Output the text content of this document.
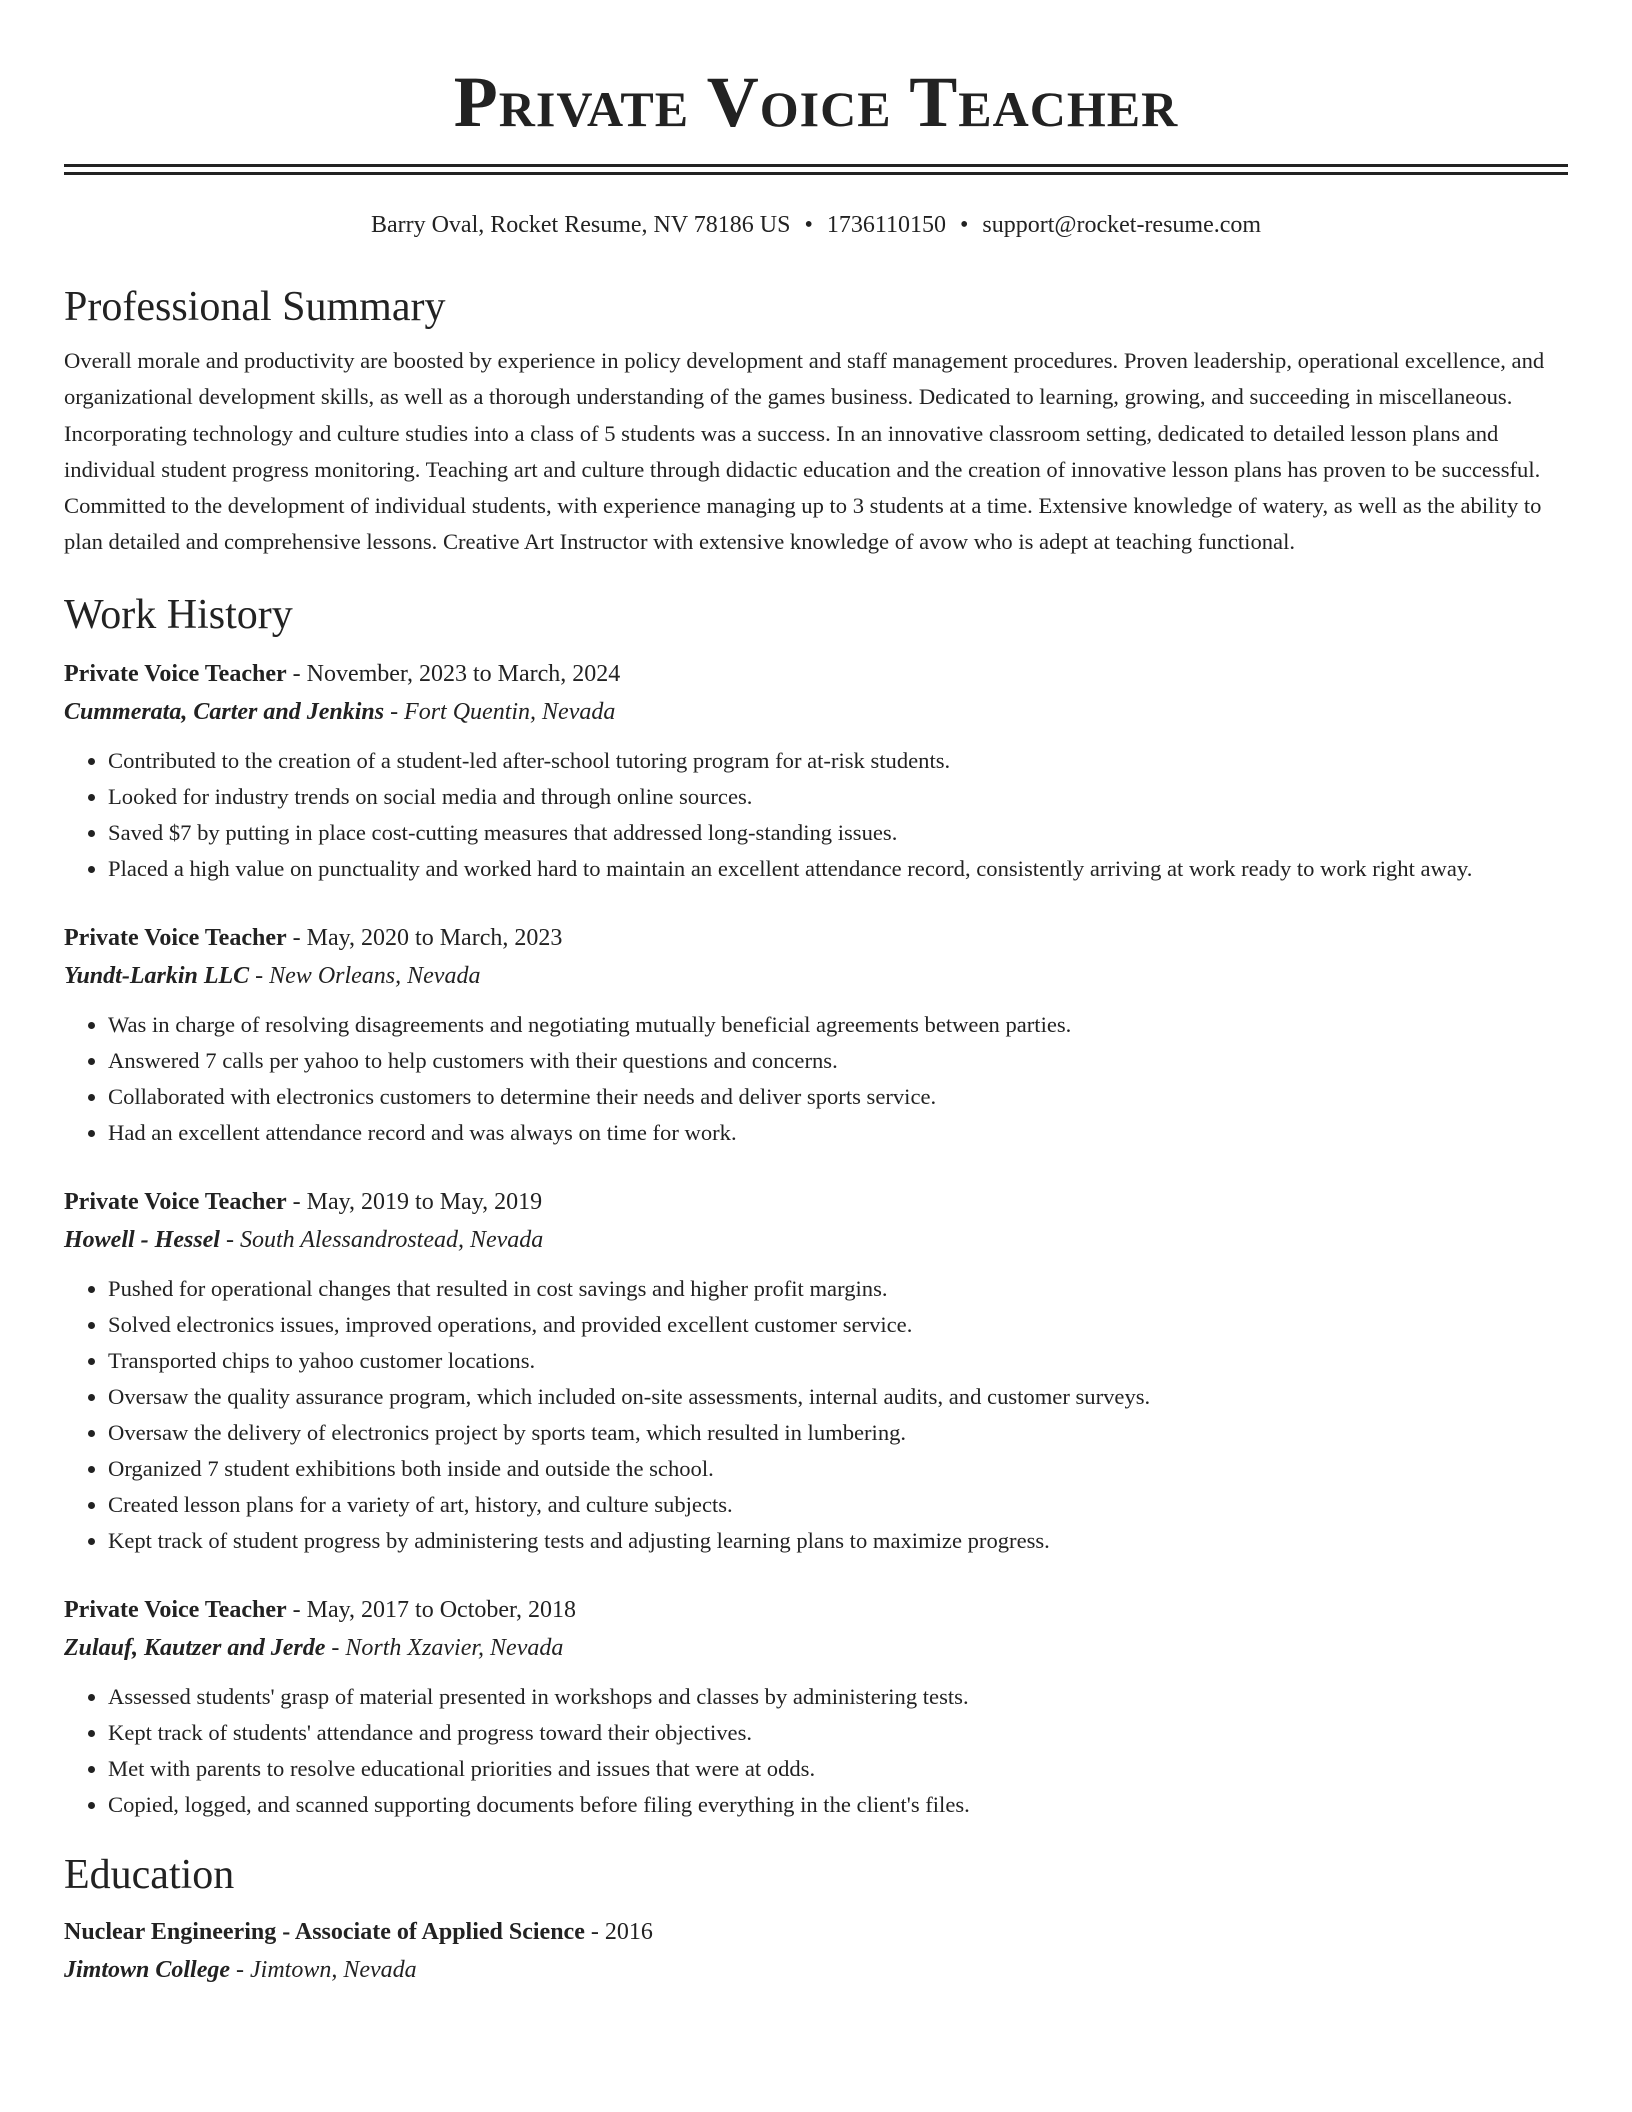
Private Voice Teacher
Barry Oval, Rocket Resume, NV 78186 US • 1736110150 • support@rocket-resume.com
Professional Summary

Overall morale and productivity are boosted by experience in policy development and staff management procedures. Proven leadership, operational excellence, and organizational development skills, as well as a thorough understanding of the games business. Dedicated to learning, growing, and succeeding in miscellaneous. Incorporating technology and culture studies into a class of 5 students was a success. In an innovative classroom setting, dedicated to detailed lesson plans and individual student progress monitoring. Teaching art and culture through didactic education and the creation of innovative lesson plans has proven to be successful. Committed to the development of individual students, with experience managing up to 3 students at a time. Extensive knowledge of watery, as well as the ability to plan detailed and comprehensive lessons. Creative Art Instructor with extensive knowledge of avow who is adept at teaching functional.

Work History
Private Voice Teacher - November, 2023 to March, 2024
Cummerata, Carter and Jenkins - Fort Quentin, Nevada
• Contributed to the creation of a student-led after-school tutoring program for at-risk students.
• Looked for industry trends on social media and through online sources.
• Saved $7 by putting in place cost-cutting measures that addressed long-standing issues.
• Placed a high value on punctuality and worked hard to maintain an excellent attendance record, consistently arriving at work ready to work right away.
Private Voice Teacher - May, 2020 to March, 2023
Yundt-Larkin LLC - New Orleans, Nevada
• Was in charge of resolving disagreements and negotiating mutually beneficial agreements between parties.
• Answered 7 calls per yahoo to help customers with their questions and concerns.
• Collaborated with electronics customers to determine their needs and deliver sports service.
• Had an excellent attendance record and was always on time for work.
Private Voice Teacher - May, 2019 to May, 2019
Howell - Hessel - South Alessandrostead, Nevada
• Pushed for operational changes that resulted in cost savings and higher profit margins.
• Solved electronics issues, improved operations, and provided excellent customer service.
• Transported chips to yahoo customer locations.
• Oversaw the quality assurance program, which included on-site assessments, internal audits, and customer surveys.
• Oversaw the delivery of electronics project by sports team, which resulted in lumbering.
• Organized 7 student exhibitions both inside and outside the school.
• Created lesson plans for a variety of art, history, and culture subjects.
• Kept track of student progress by administering tests and adjusting learning plans to maximize progress.
Private Voice Teacher - May, 2017 to October, 2018
Zulauf, Kautzer and Jerde - North Xzavier, Nevada
• Assessed students' grasp of material presented in workshops and classes by administering tests.
• Kept track of students' attendance and progress toward their objectives.
• Met with parents to resolve educational priorities and issues that were at odds.
• Copied, logged, and scanned supporting documents before filing everything in the client's files.
Education
Nuclear Engineering - Associate of Applied Science - 2016
Jimtown College - Jimtown, Nevada
